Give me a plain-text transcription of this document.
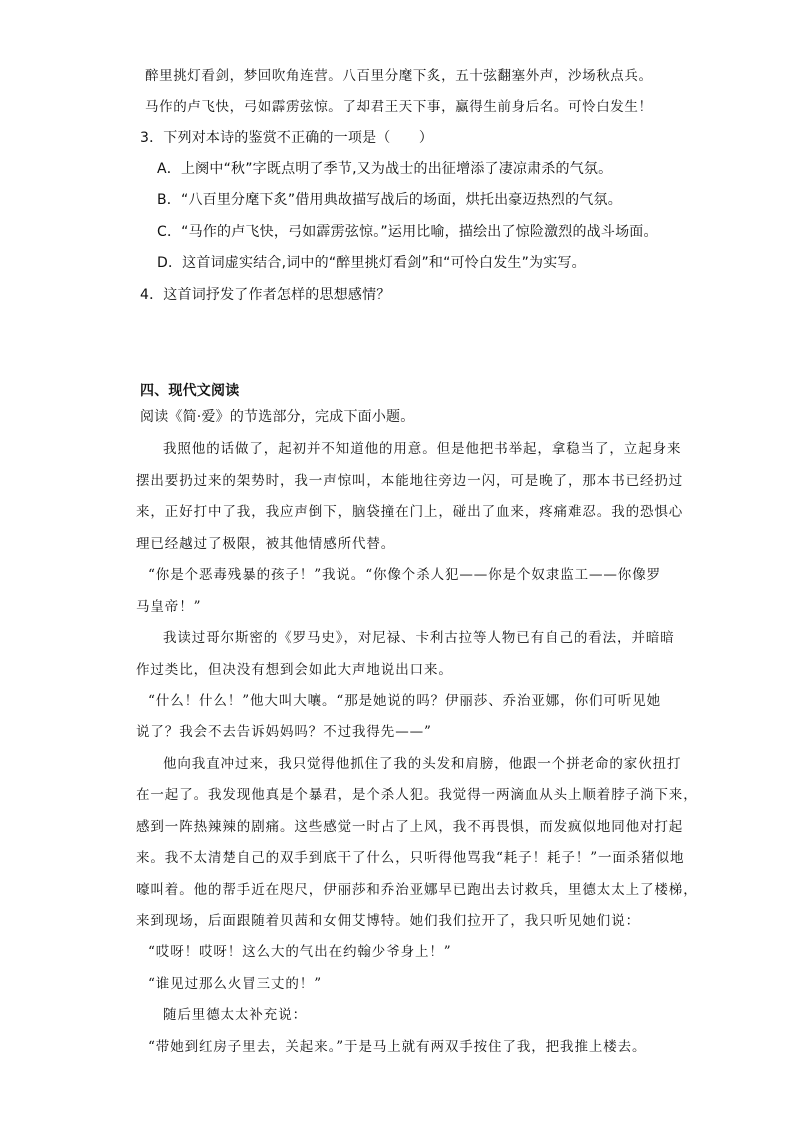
醉里挑灯看剑，梦回吹角连营。八百里分麾下炙，五十弦翻塞外声，沙场秋点兵。

马作的卢飞快，弓如霹雳弦惊。了却君王天下事，赢得生前身后名。可怜白发生！

3．下列对本诗的鉴赏不正确的一项是（　　）

A．上阕中“秋”字既点明了季节,又为战士的出征增添了凄凉肃杀的气氛。

B．“八百里分麾下炙”借用典故描写战后的场面，烘托出豪迈热烈的气氛。

C．“马作的卢飞快，弓如霹雳弦惊。”运用比喻，描绘出了惊险激烈的战斗场面。

D．这首词虚实结合,词中的“醉里挑灯看剑”和“可怜白发生”为实写。

4．这首词抒发了作者怎样的思想感情？

四、现代文阅读

阅读《简·爱》的节选部分，完成下面小题。

我照他的话做了，起初并不知道他的用意。但是他把书举起，拿稳当了，立起身来

摆出要扔过来的架势时，我一声惊叫，本能地往旁边一闪，可是晚了，那本书已经扔过

来，正好打中了我，我应声倒下，脑袋撞在门上，碰出了血来，疼痛难忍。我的恐惧心

理已经越过了极限，被其他情感所代替。

“你是个恶毒残暴的孩子！”我说。“你像个杀人犯——你是个奴隶监工——你像罗

马皇帝！”

我读过哥尔斯密的《罗马史》，对尼禄、卡利古拉等人物已有自己的看法，并暗暗

作过类比，但决没有想到会如此大声地说出口来。

“什么！什么！”他大叫大嚷。“那是她说的吗？伊丽莎、乔治亚娜，你们可听见她

说了？我会不去告诉妈妈吗？不过我得先——”

他向我直冲过来，我只觉得他抓住了我的头发和肩膀，他跟一个拼老命的家伙扭打

在一起了。我发现他真是个暴君，是个杀人犯。我觉得一两滴血从头上顺着脖子淌下来，

感到一阵热辣辣的剧痛。这些感觉一时占了上风，我不再畏惧，而发疯似地同他对打起

来。我不太清楚自己的双手到底干了什么，只听得他骂我“耗子！耗子！”一面杀猪似地

嚎叫着。他的帮手近在咫尺，伊丽莎和乔治亚娜早已跑出去讨救兵，里德太太上了楼梯，

来到现场，后面跟随着贝茜和女佣艾博特。她们我们拉开了，我只听见她们说：

“哎呀！哎呀！这么大的气出在约翰少爷身上！”

“谁见过那么火冒三丈的！”

随后里德太太补充说：

“带她到红房子里去，关起来。”于是马上就有两双手按住了我，把我推上楼去。
